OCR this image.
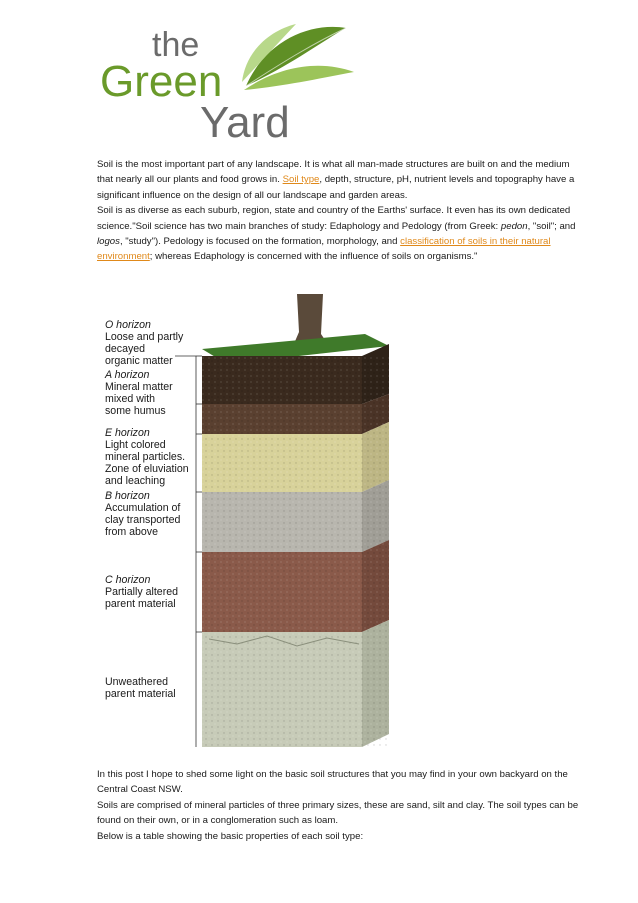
the
Green
Yard

Soil is the most important part of any landscape. It is what all man-made structures are built on and the medium that nearly all our plants and food grows in. Soil type, depth, structure, pH, nutrient levels and topography have a significant influence on the design of all our landscape and garden areas.

Soil is as diverse as each suburb, region, state and country of the Earths' surface. It even has its own dedicated science."Soil science has two main branches of study: Edaphology and Pedology (from Greek: pedon, "soil"; and logos, "study"). Pedology is focused on the formation, morphology, and classification of soils in their natural environment; whereas Edaphology is concerned with the influence of soils on organisms."

O horizon Loose and partly decayed organic matter
A horizon Mineral matter mixed with some humus
E horizon Light colored mineral particles. Zone of eluviation and leaching
B horizon Accumulation of clay transported from above
C horizon Partially altered parent material
Unweathered parent material

In this post I hope to shed some light on the basic soil structures that you may find in your own backyard on the Central Coast NSW.

Soils are comprised of mineral particles of three primary sizes, these are sand, silt and clay. The soil types can be found on their own, or in a conglomeration such as loam.

Below is a table showing the basic properties of each soil type:
